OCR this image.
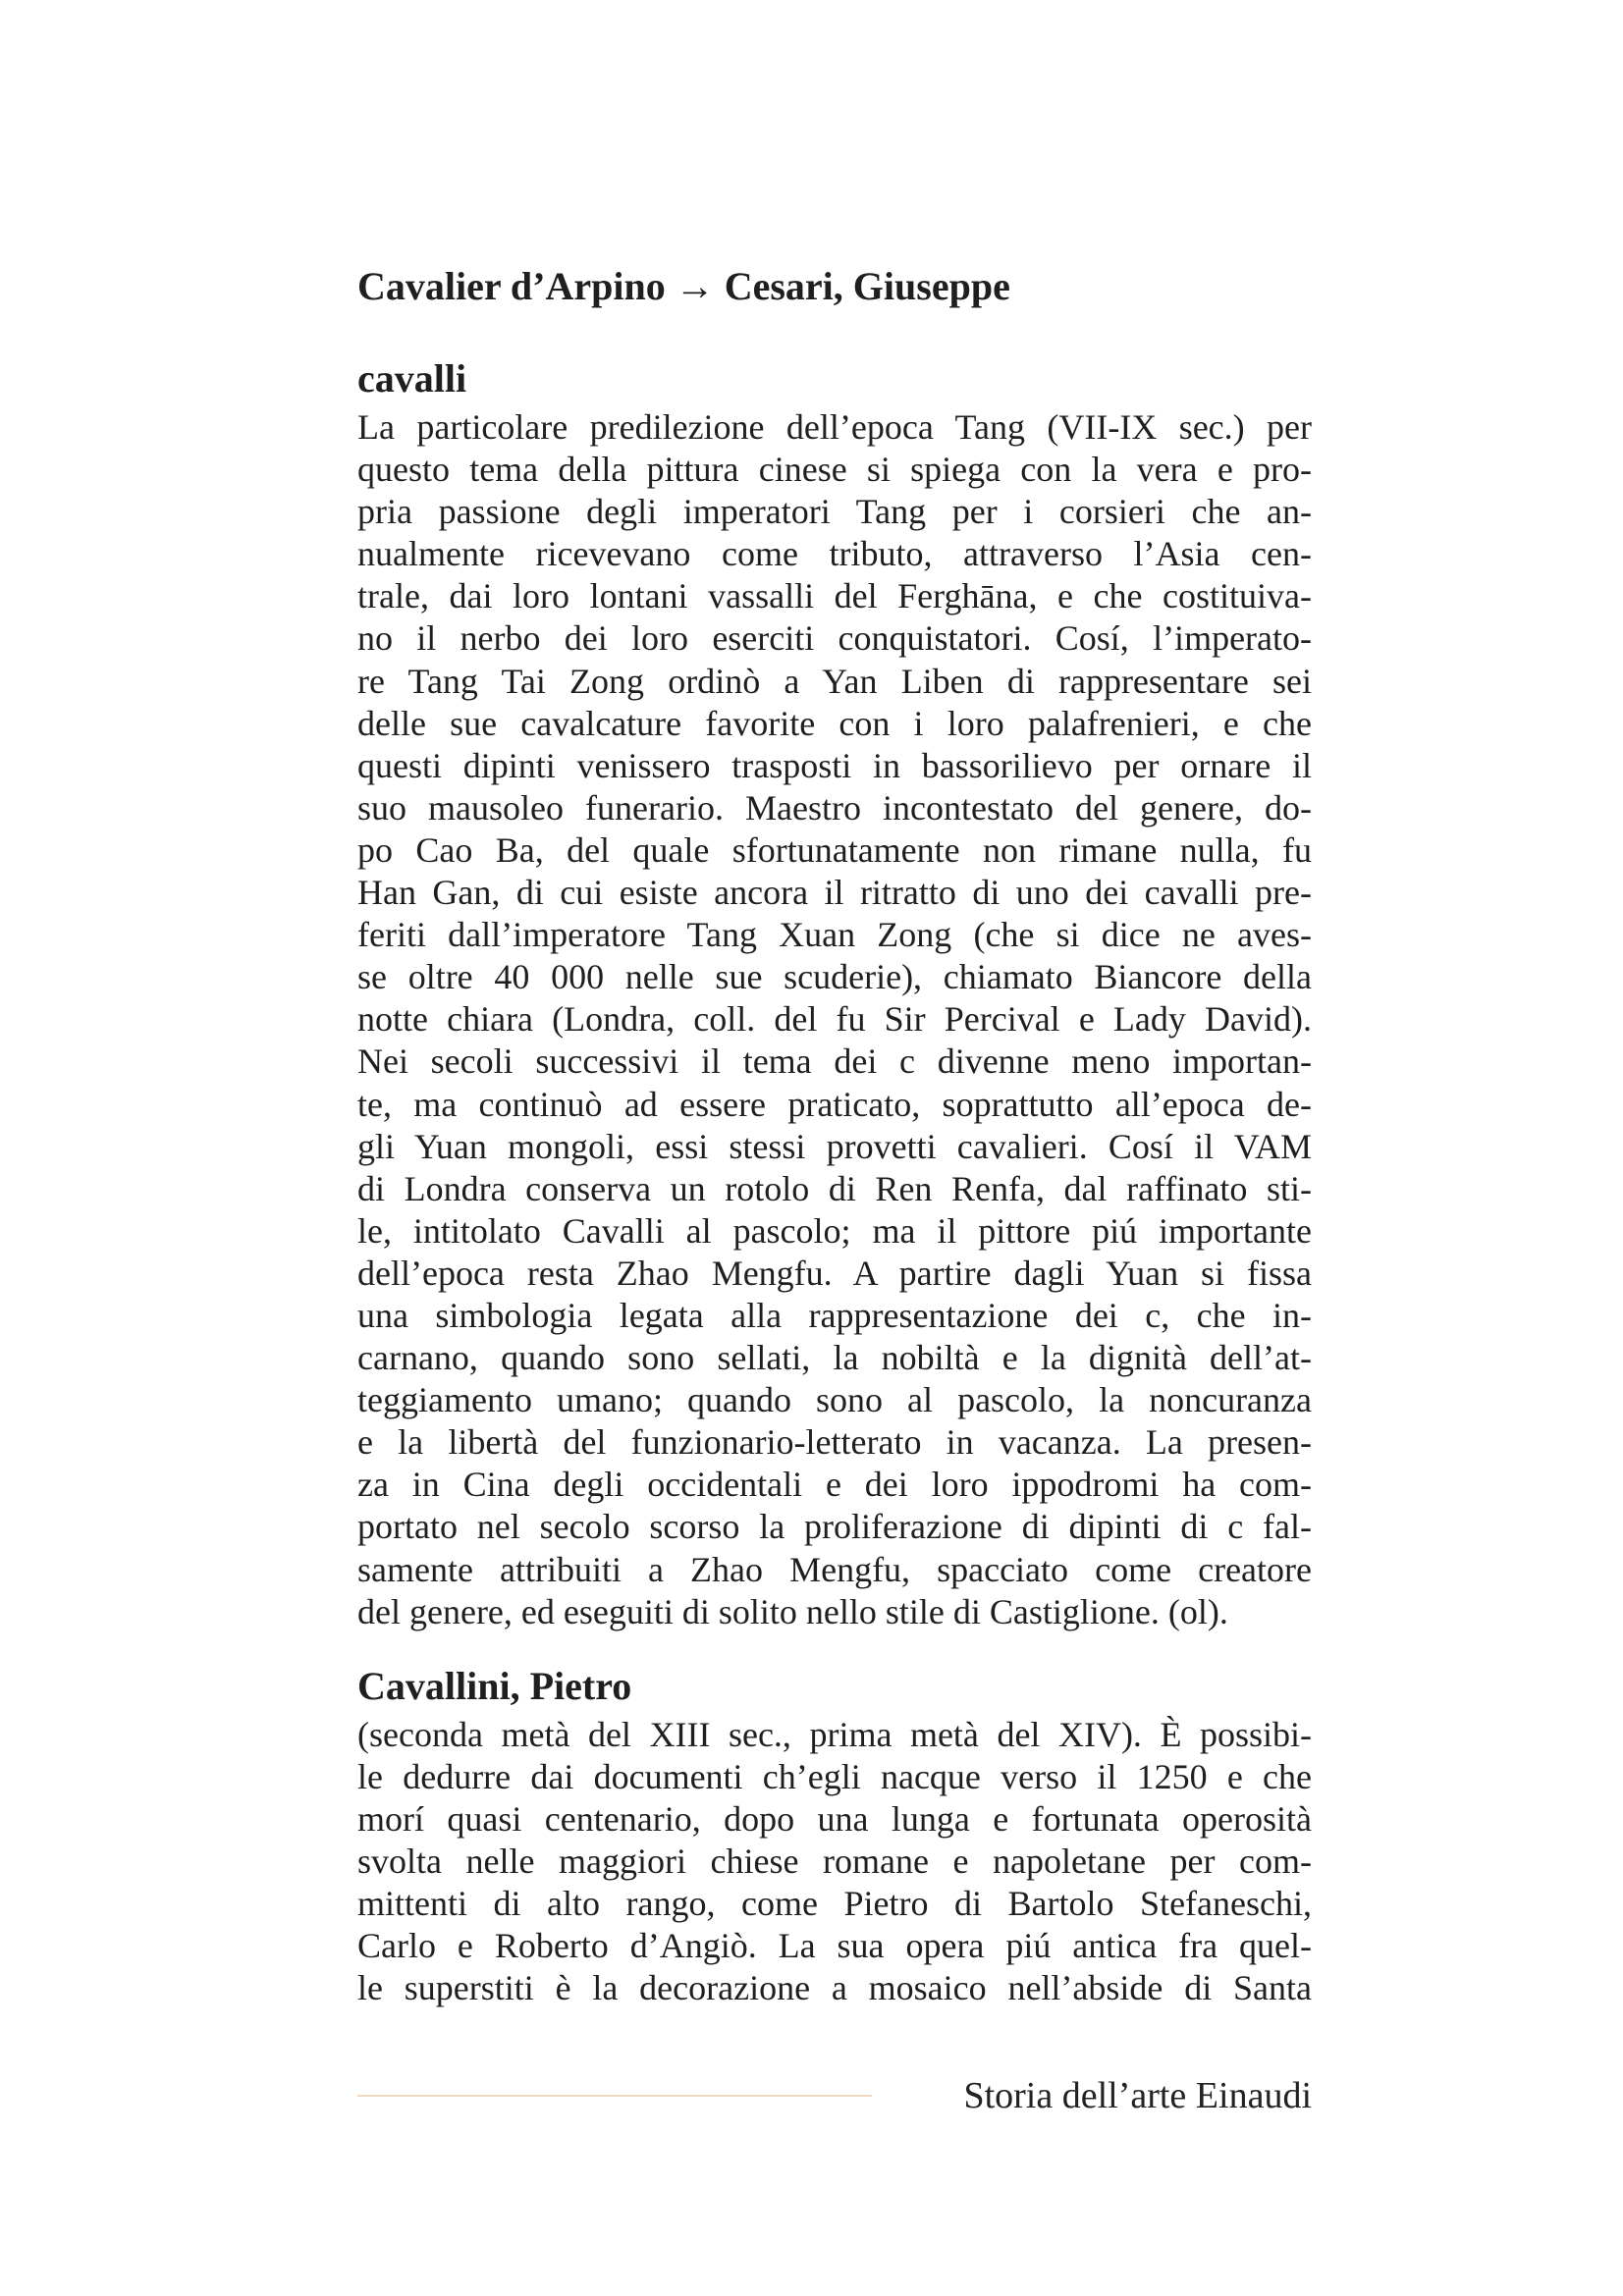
Cavalier d’Arpino → Cesari, Giuseppe
cavalli
La particolare predilezione dell’epoca Tang (VII-IX sec.) per
questo tema della pittura cinese si spiega con la vera e pro-
pria passione degli imperatori Tang per i corsieri che an-
nualmente ricevevano come tributo, attraverso l’Asia cen-
trale, dai loro lontani vassalli del Ferghāna, e che costituiva-
no il nerbo dei loro eserciti conquistatori. Cosí, l’imperato-
re Tang Tai Zong ordinò a Yan Liben di rappresentare sei
delle sue cavalcature favorite con i loro palafrenieri, e che
questi dipinti venissero trasposti in bassorilievo per ornare il
suo mausoleo funerario. Maestro incontestato del genere, do-
po Cao Ba, del quale sfortunatamente non rimane nulla, fu
Han Gan, di cui esiste ancora il ritratto di uno dei cavalli pre-
feriti dall’imperatore Tang Xuan Zong (che si dice ne aves-
se oltre 40 000 nelle sue scuderie), chiamato Biancore della
notte chiara (Londra, coll. del fu Sir Percival e Lady David).
Nei secoli successivi il tema dei c divenne meno importan-
te, ma continuò ad essere praticato, soprattutto all’epoca de-
gli Yuan mongoli, essi stessi provetti cavalieri. Cosí il VAM
di Londra conserva un rotolo di Ren Renfa, dal raffinato sti-
le, intitolato Cavalli al pascolo; ma il pittore piú importante
dell’epoca resta Zhao Mengfu. A partire dagli Yuan si fissa
una simbologia legata alla rappresentazione dei c, che in-
carnano, quando sono sellati, la nobiltà e la dignità dell’at-
teggiamento umano; quando sono al pascolo, la noncuranza
e la libertà del funzionario-letterato in vacanza. La presen-
za in Cina degli occidentali e dei loro ippodromi ha com-
portato nel secolo scorso la proliferazione di dipinti di c fal-
samente attribuiti a Zhao Mengfu, spacciato come creatore
del genere, ed eseguiti di solito nello stile di Castiglione. (ol).
Cavallini, Pietro
(seconda metà del XIII sec., prima metà del XIV). È possibi-
le dedurre dai documenti ch’egli nacque verso il 1250 e che
morí quasi centenario, dopo una lunga e fortunata operosità
svolta nelle maggiori chiese romane e napoletane per com-
mittenti di alto rango, come Pietro di Bartolo Stefaneschi,
Carlo e Roberto d’Angiò. La sua opera piú antica fra quel-
le superstiti è la decorazione a mosaico nell’abside di Santa
Storia dell’arte Einaudi
